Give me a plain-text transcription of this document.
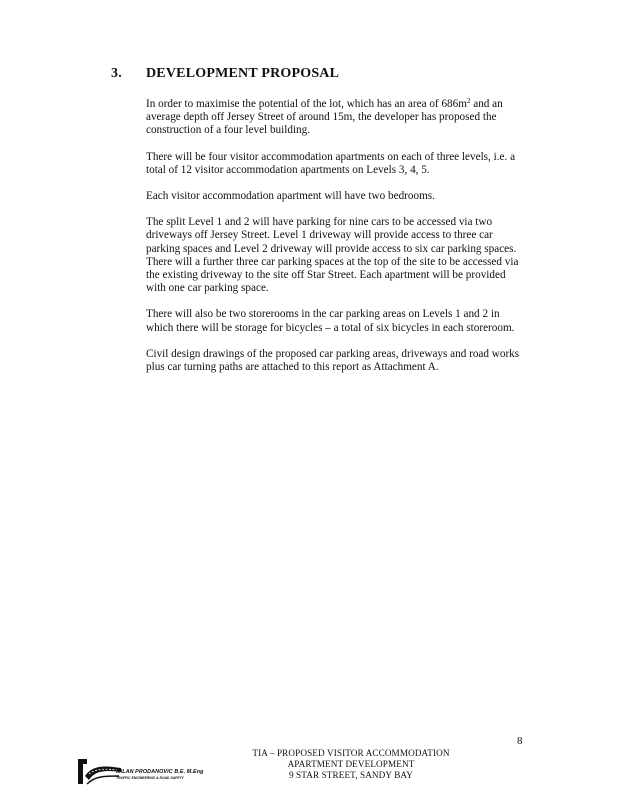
3. DEVELOPMENT PROPOSAL

In order to maximise the potential of the lot, which has an area of $686m^2$ and an average depth off Jersey Street of around 15m, the developer has proposed the construction of a four level building.

There will be four visitor accommodation apartments on each of three levels, i.e. a total of 12 visitor accommodation apartments on Levels 3, 4, 5.

Each visitor accommodation apartment will have two bedrooms.

The split Level 1 and 2 will have parking for nine cars to be accessed via two driveways off Jersey Street. Level 1 driveway will provide access to three car parking spaces and Level 2 driveway will provide access to six car parking spaces. There will a further three car parking spaces at the top of the site to be accessed via the existing driveway to the site off Star Street. Each apartment will be provided with one car parking space.

There will also be two storerooms in the car parking areas on Levels 1 and 2 in which there will be storage for bicycles – a total of six bicycles in each storeroom.

Civil design drawings of the proposed car parking areas, driveways and road works plus car turning paths are attached to this report as Attachment A.

8
MILAN PRODANOVIC B.E. M.Eng
TRAFFIC ENGINEERING & ROAD SAFETY
TIA – PROPOSED VISITOR ACCOMMODATION
APARTMENT DEVELOPMENT
9 STAR STREET, SANDY BAY
